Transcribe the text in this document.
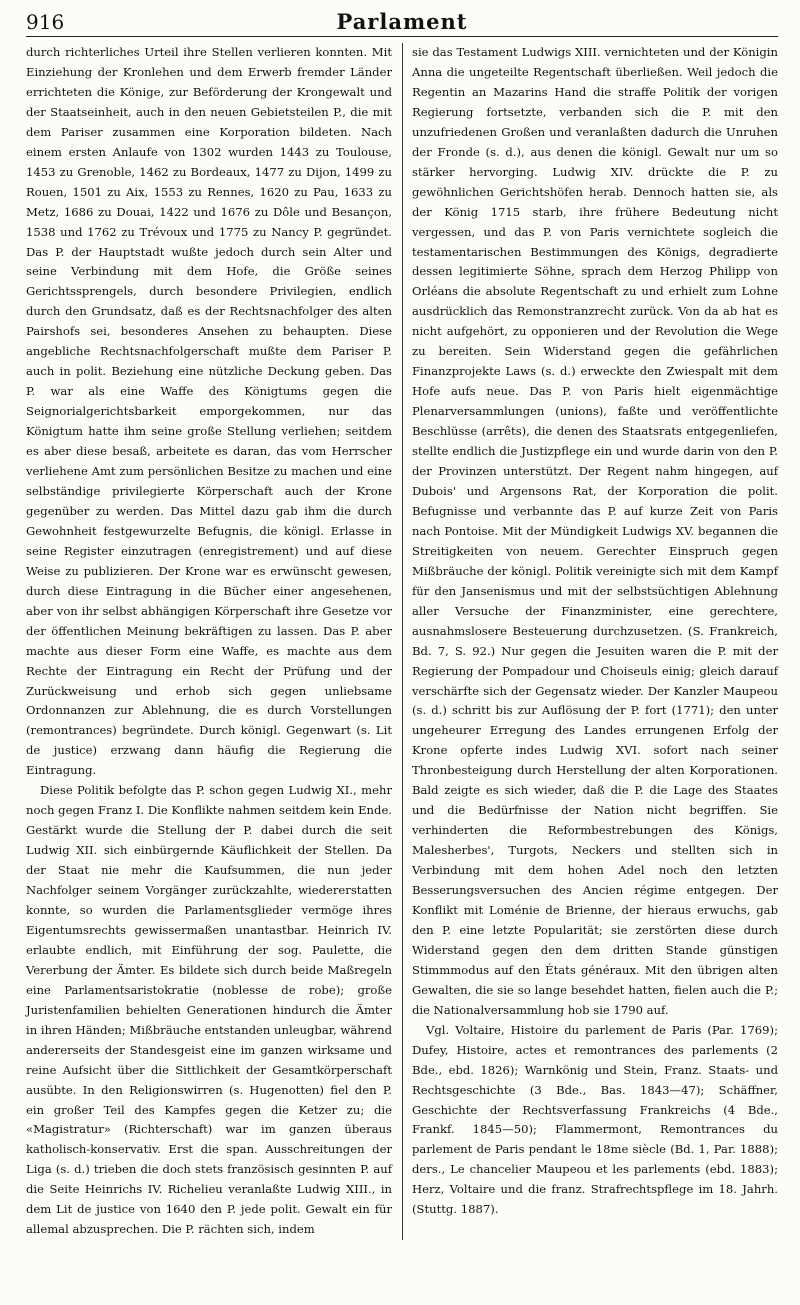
916	Parlament

durch richterliches Urteil ihre Stellen verlieren konnten. Mit Einziehung der Kronlehen und dem Erwerb fremder Länder errichteten die Könige, zur Beförderung der Krongewalt und der Staatseinheit, auch in den neuen Gebietsteilen P., die mit dem Pariser zusammen eine Korporation bildeten. Nach einem ersten Anlaufe von 1302 wurden 1443 zu Toulouse, 1453 zu Grenoble, 1462 zu Bordeaux, 1477 zu Dijon, 1499 zu Rouen, 1501 zu Aix, 1553 zu Rennes, 1620 zu Pau, 1633 zu Metz, 1686 zu Douai, 1422 und 1676 zu Dôle und Besançon, 1538 und 1762 zu Trévoux und 1775 zu Nancy P. gegründet. Das P. der Hauptstadt wußte jedoch durch sein Alter und seine Verbindung mit dem Hofe, die Größe seines Gerichtssprengels, durch besondere Privilegien, endlich durch den Grundsatz, daß es der Rechtsnachfolger des alten Pairshofs sei, besonderes Ansehen zu behaupten. Diese angebliche Rechtsnachfolgerschaft mußte dem Pariser P. auch in polit. Beziehung eine nützliche Deckung geben. Das P. war als eine Waffe des Königtums gegen die Seignorialgerichtsbarkeit emporgekommen, nur das Königtum hatte ihm seine große Stellung verliehen; seitdem es aber diese besaß, arbeitete es daran, das vom Herrscher verliehene Amt zum persönlichen Besitze zu machen und eine selbständige privilegierte Körperschaft auch der Krone gegenüber zu werden. Das Mittel dazu gab ihm die durch Gewohnheit festgewurzelte Befugnis, die königl. Erlasse in seine Register einzutragen (enregistrement) und auf diese Weise zu publizieren. Der Krone war es erwünscht gewesen, durch diese Eintragung in die Bücher einer angesehenen, aber von ihr selbst abhängigen Körperschaft ihre Gesetze vor der öffentlichen Meinung bekräftigen zu lassen. Das P. aber machte aus dieser Form eine Waffe, es machte aus dem Rechte der Eintragung ein Recht der Prüfung und der Zurückweisung und erhob sich gegen unliebsame Ordonnanzen zur Ablehnung, die es durch Vorstellungen (remontrances) begründete. Durch königl. Gegenwart (s. Lit de justice) erzwang dann häufig die Regierung die Eintragung.

Diese Politik befolgte das P. schon gegen Ludwig XI., mehr noch gegen Franz I. Die Konflikte nahmen seitdem kein Ende. Gestärkt wurde die Stellung der P. dabei durch die seit Ludwig XII. sich einbürgernde Käuflichkeit der Stellen. Da der Staat nie mehr die Kaufsummen, die nun jeder Nachfolger seinem Vorgänger zurückzahlte, wiedererstatten konnte, so wurden die Parlamentsglieder vermöge ihres Eigentumsrechts gewissermaßen unantastbar. Heinrich IV. erlaubte endlich, mit Einführung der sog. Paulette, die Vererbung der Ämter. Es bildete sich durch beide Maßregeln eine Parlamentsaristokratie (noblesse de robe); große Juristenfamilien behielten Generationen hindurch die Ämter in ihren Händen; Mißbräuche entstanden unleugbar, während andererseits der Standesgeist eine im ganzen wirksame und reine Aufsicht über die Sittlichkeit der Gesamtkörperschaft ausübte. In den Religionswirren (s. Hugenotten) fiel den P. ein großer Teil des Kampfes gegen die Ketzer zu; die «Magistratur» (Richterschaft) war im ganzen überaus katholisch-konservativ. Erst die span. Ausschreitungen der Liga (s. d.) trieben die doch stets französisch gesinnten P. auf die Seite Heinrichs IV. Richelieu veranlaßte Ludwig XIII., in dem Lit de justice von 1640 den P. jede polit. Gewalt ein für allemal abzusprechen. Die P. rächten sich, indem

sie das Testament Ludwigs XIII. vernichteten und der Königin Anna die ungeteilte Regentschaft überließen. Weil jedoch die Regentin an Mazarins Hand die straffe Politik der vorigen Regierung fortsetzte, verbanden sich die P. mit den unzufriedenen Großen und veranlaßten dadurch die Unruhen der Fronde (s. d.), aus denen die königl. Gewalt nur um so stärker hervorging. Ludwig XIV. drückte die P. zu gewöhnlichen Gerichtshöfen herab. Dennoch hatten sie, als der König 1715 starb, ihre frühere Bedeutung nicht vergessen, und das P. von Paris vernichtete sogleich die testamentarischen Bestimmungen des Königs, degradierte dessen legitimierte Söhne, sprach dem Herzog Philipp von Orléans die absolute Regentschaft zu und erhielt zum Lohne ausdrücklich das Remonstranzrecht zurück. Von da ab hat es nicht aufgehört, zu opponieren und der Revolution die Wege zu bereiten. Sein Widerstand gegen die gefährlichen Finanzprojekte Laws (s. d.) erweckte den Zwiespalt mit dem Hofe aufs neue. Das P. von Paris hielt eigenmächtige Plenarversammlungen (unions), faßte und veröffentlichte Beschlüsse (arrêts), die denen des Staatsrats entgegenliefen, stellte endlich die Justizpflege ein und wurde darin von den P. der Provinzen unterstützt. Der Regent nahm hingegen, auf Dubois' und Argensons Rat, der Korporation die polit. Befugnisse und verbannte das P. auf kurze Zeit von Paris nach Pontoise. Mit der Mündigkeit Ludwigs XV. begannen die Streitigkeiten von neuem. Gerechter Einspruch gegen Mißbräuche der königl. Politik vereinigte sich mit dem Kampf für den Jansenismus und mit der selbstsüchtigen Ablehnung aller Versuche der Finanzminister, eine gerechtere, ausnahmslosere Besteuerung durchzusetzen. (S. Frankreich, Bd. 7, S. 92.) Nur gegen die Jesuiten waren die P. mit der Regierung der Pompadour und Choiseuls einig; gleich darauf verschärfte sich der Gegensatz wieder. Der Kanzler Maupeou (s. d.) schritt bis zur Auflösung der P. fort (1771); den unter ungeheurer Erregung des Landes errungenen Erfolg der Krone opferte indes Ludwig XVI. sofort nach seiner Thronbesteigung durch Herstellung der alten Korporationen. Bald zeigte es sich wieder, daß die P. die Lage des Staates und die Bedürfnisse der Nation nicht begriffen. Sie verhinderten die Reformbestrebungen des Königs, Malesherbes', Turgots, Neckers und stellten sich in Verbindung mit dem hohen Adel noch den letzten Besserungsversuchen des Ancien régime entgegen. Der Konflikt mit Loménie de Brienne, der hieraus erwuchs, gab den P. eine letzte Popularität; sie zerstörten diese durch Widerstand gegen den dem dritten Stande günstigen Stimmmodus auf den États généraux. Mit den übrigen alten Gewalten, die sie so lange besehdet hatten, fielen auch die P.; die Nationalversammlung hob sie 1790 auf.

Vgl. Voltaire, Histoire du parlement de Paris (Par. 1769); Dufey, Histoire, actes et remontrances des parlements (2 Bde., ebd. 1826); Warnkönig und Stein, Franz. Staats- und Rechtsgeschichte (3 Bde., Bas. 1843—47); Schäffner, Geschichte der Rechtsverfassung Frankreichs (4 Bde., Frankf. 1845—50); Flammermont, Remontrances du parlement de Paris pendant le 18me siècle (Bd. 1, Par. 1888); ders., Le chancelier Maupeou et les parlements (ebd. 1883); Herz, Voltaire und die franz. Strafrechtspflege im 18. Jahrh. (Stuttg. 1887).
